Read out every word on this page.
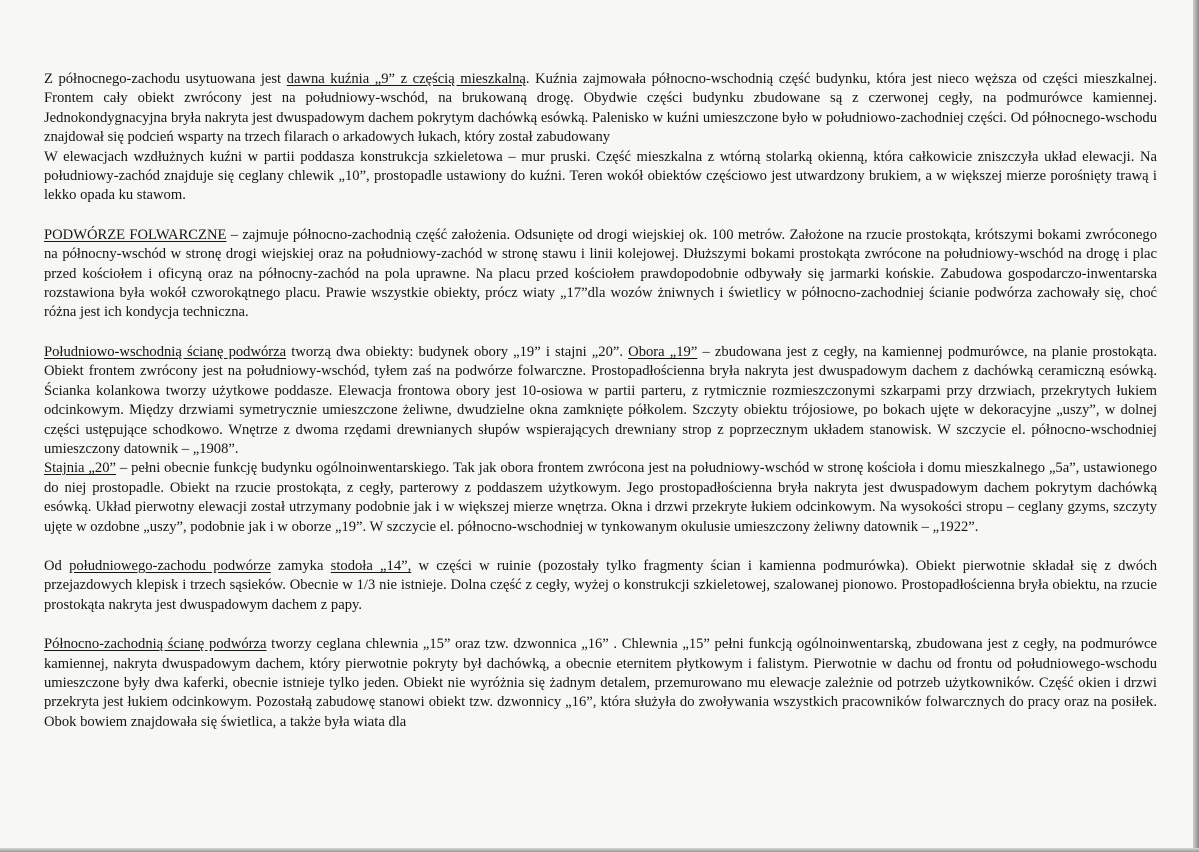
Z północnego-zachodu usytuowana jest dawna kuźnia „9” z częścią mieszkalną. Kuźnia zajmowała północno-wschodnią część budynku, która jest nieco węższa od części mieszkalnej. Frontem cały obiekt zwrócony jest na południowy-wschód, na brukowaną drogę. Obydwie części budynku zbudowane są z czerwonej cegły, na podmurówce kamiennej. Jednokondygnacyjna bryła nakryta jest dwuspadowym dachem pokrytym dachówką esówką. Palenisko w kuźni umieszczone było w południowo-zachodniej części. Od północnego-wschodu znajdował się podcień wsparty na trzech filarach o arkadowych łukach, który został zabudowany

W elewacjach wzdłużnych kuźni w partii poddasza konstrukcja szkieletowa – mur pruski. Część mieszkalna z wtórną stolarką okienną, która całkowicie zniszczyła układ elewacji. Na południowy-zachód znajduje się ceglany chlewik „10”, prostopadle ustawiony do kuźni. Teren wokół obiektów częściowo jest utwardzony brukiem, a w większej mierze porośnięty trawą i lekko opada ku stawom.

PODWÓRZE FOLWARCZNE – zajmuje północno-zachodnią część założenia. Odsunięte od drogi wiejskiej ok. 100 metrów. Założone na rzucie prostokąta, krótszymi bokami zwróconego na północny-wschód w stronę drogi wiejskiej oraz na południowy-zachód w stronę stawu i linii kolejowej. Dłuższymi bokami prostokąta zwrócone na południowy-wschód na drogę i plac przed kościołem i oficyną oraz na północny-zachód na pola uprawne. Na placu przed kościołem prawdopodobnie odbywały się jarmarki końskie. Zabudowa gospodarczo-inwentarska rozstawiona była wokół czworokątnego placu. Prawie wszystkie obiekty, prócz wiaty „17”dla wozów żniwnych i świetlicy w północno-zachodniej ścianie podwórza zachowały się, choć różna jest ich kondycja techniczna.

Południowo-wschodnią ścianę podwórza tworzą dwa obiekty: budynek obory „19” i stajni „20”. Obora „19” – zbudowana jest z cegły, na kamiennej podmurówce, na planie prostokąta. Obiekt frontem zwrócony jest na południowy-wschód, tyłem zaś na podwórze folwarczne. Prostopadłościenna bryła nakryta jest dwuspadowym dachem z dachówką ceramiczną esówką. Ścianka kolankowa tworzy użytkowe poddasze. Elewacja frontowa obory jest 10-osiowa w partii parteru, z rytmicznie rozmieszczonymi szkarpami przy drzwiach, przekrytych łukiem odcinkowym. Między drzwiami symetrycznie umieszczone żeliwne, dwudzielne okna zamknięte półkolem. Szczyty obiektu trójosiowe, po bokach ujęte w dekoracyjne „uszy”, w dolnej części ustępujące schodkowo. Wnętrze z dwoma rzędami drewnianych słupów wspierających drewniany strop z poprzecznym układem stanowisk. W szczycie el. północno-wschodniej umieszczony datownik – „1908”.

Stajnia „20” – pełni obecnie funkcję budynku ogólnoinwentarskiego. Tak jak obora frontem zwrócona jest na południowy-wschód w stronę kościoła i domu mieszkalnego „5a”, ustawionego do niej prostopadle. Obiekt na rzucie prostokąta, z cegły, parterowy z poddaszem użytkowym. Jego prostopadłościenna bryła nakryta jest dwuspadowym dachem pokrytym dachówką esówką. Układ pierwotny elewacji został utrzymany podobnie jak i w większej mierze wnętrza. Okna i drzwi przekryte łukiem odcinkowym. Na wysokości stropu – ceglany gzyms, szczyty ujęte w ozdobne „uszy”, podobnie jak i w oborze „19”. W szczycie el. północno-wschodniej w tynkowanym okulusie umieszczony żeliwny datownik – „1922”.

Od południowego-zachodu podwórze zamyka stodoła „14”, w części w ruinie (pozostały tylko fragmenty ścian i kamienna podmurówka). Obiekt pierwotnie składał się z dwóch przejazdowych klepisk i trzech sąsieków. Obecnie w 1/3 nie istnieje. Dolna część z cegły, wyżej o konstrukcji szkieletowej, szalowanej pionowo. Prostopadłościenna bryła obiektu, na rzucie prostokąta nakryta jest dwuspadowym dachem z papy.

Północno-zachodnią ścianę podwórza tworzy ceglana chlewnia „15” oraz tzw. dzwonnica „16” . Chlewnia „15” pełni funkcją ogólnoinwentarską, zbudowana jest z cegły, na podmurówce kamiennej, nakryta dwuspadowym dachem, który pierwotnie pokryty był dachówką, a obecnie eternitem płytkowym i falistym. Pierwotnie w dachu od frontu od południowego-wschodu umieszczone były dwa kaferki, obecnie istnieje tylko jeden. Obiekt nie wyróżnia się żadnym detalem, przemurowano mu elewacje zależnie od potrzeb użytkowników. Część okien i drzwi przekryta jest łukiem odcinkowym. Pozostałą zabudowę stanowi obiekt tzw. dzwonnicy „16”, która służyła do zwoływania wszystkich pracowników folwarcznych do pracy oraz na posiłek. Obok bowiem znajdowała się świetlica, a także była wiata dla
